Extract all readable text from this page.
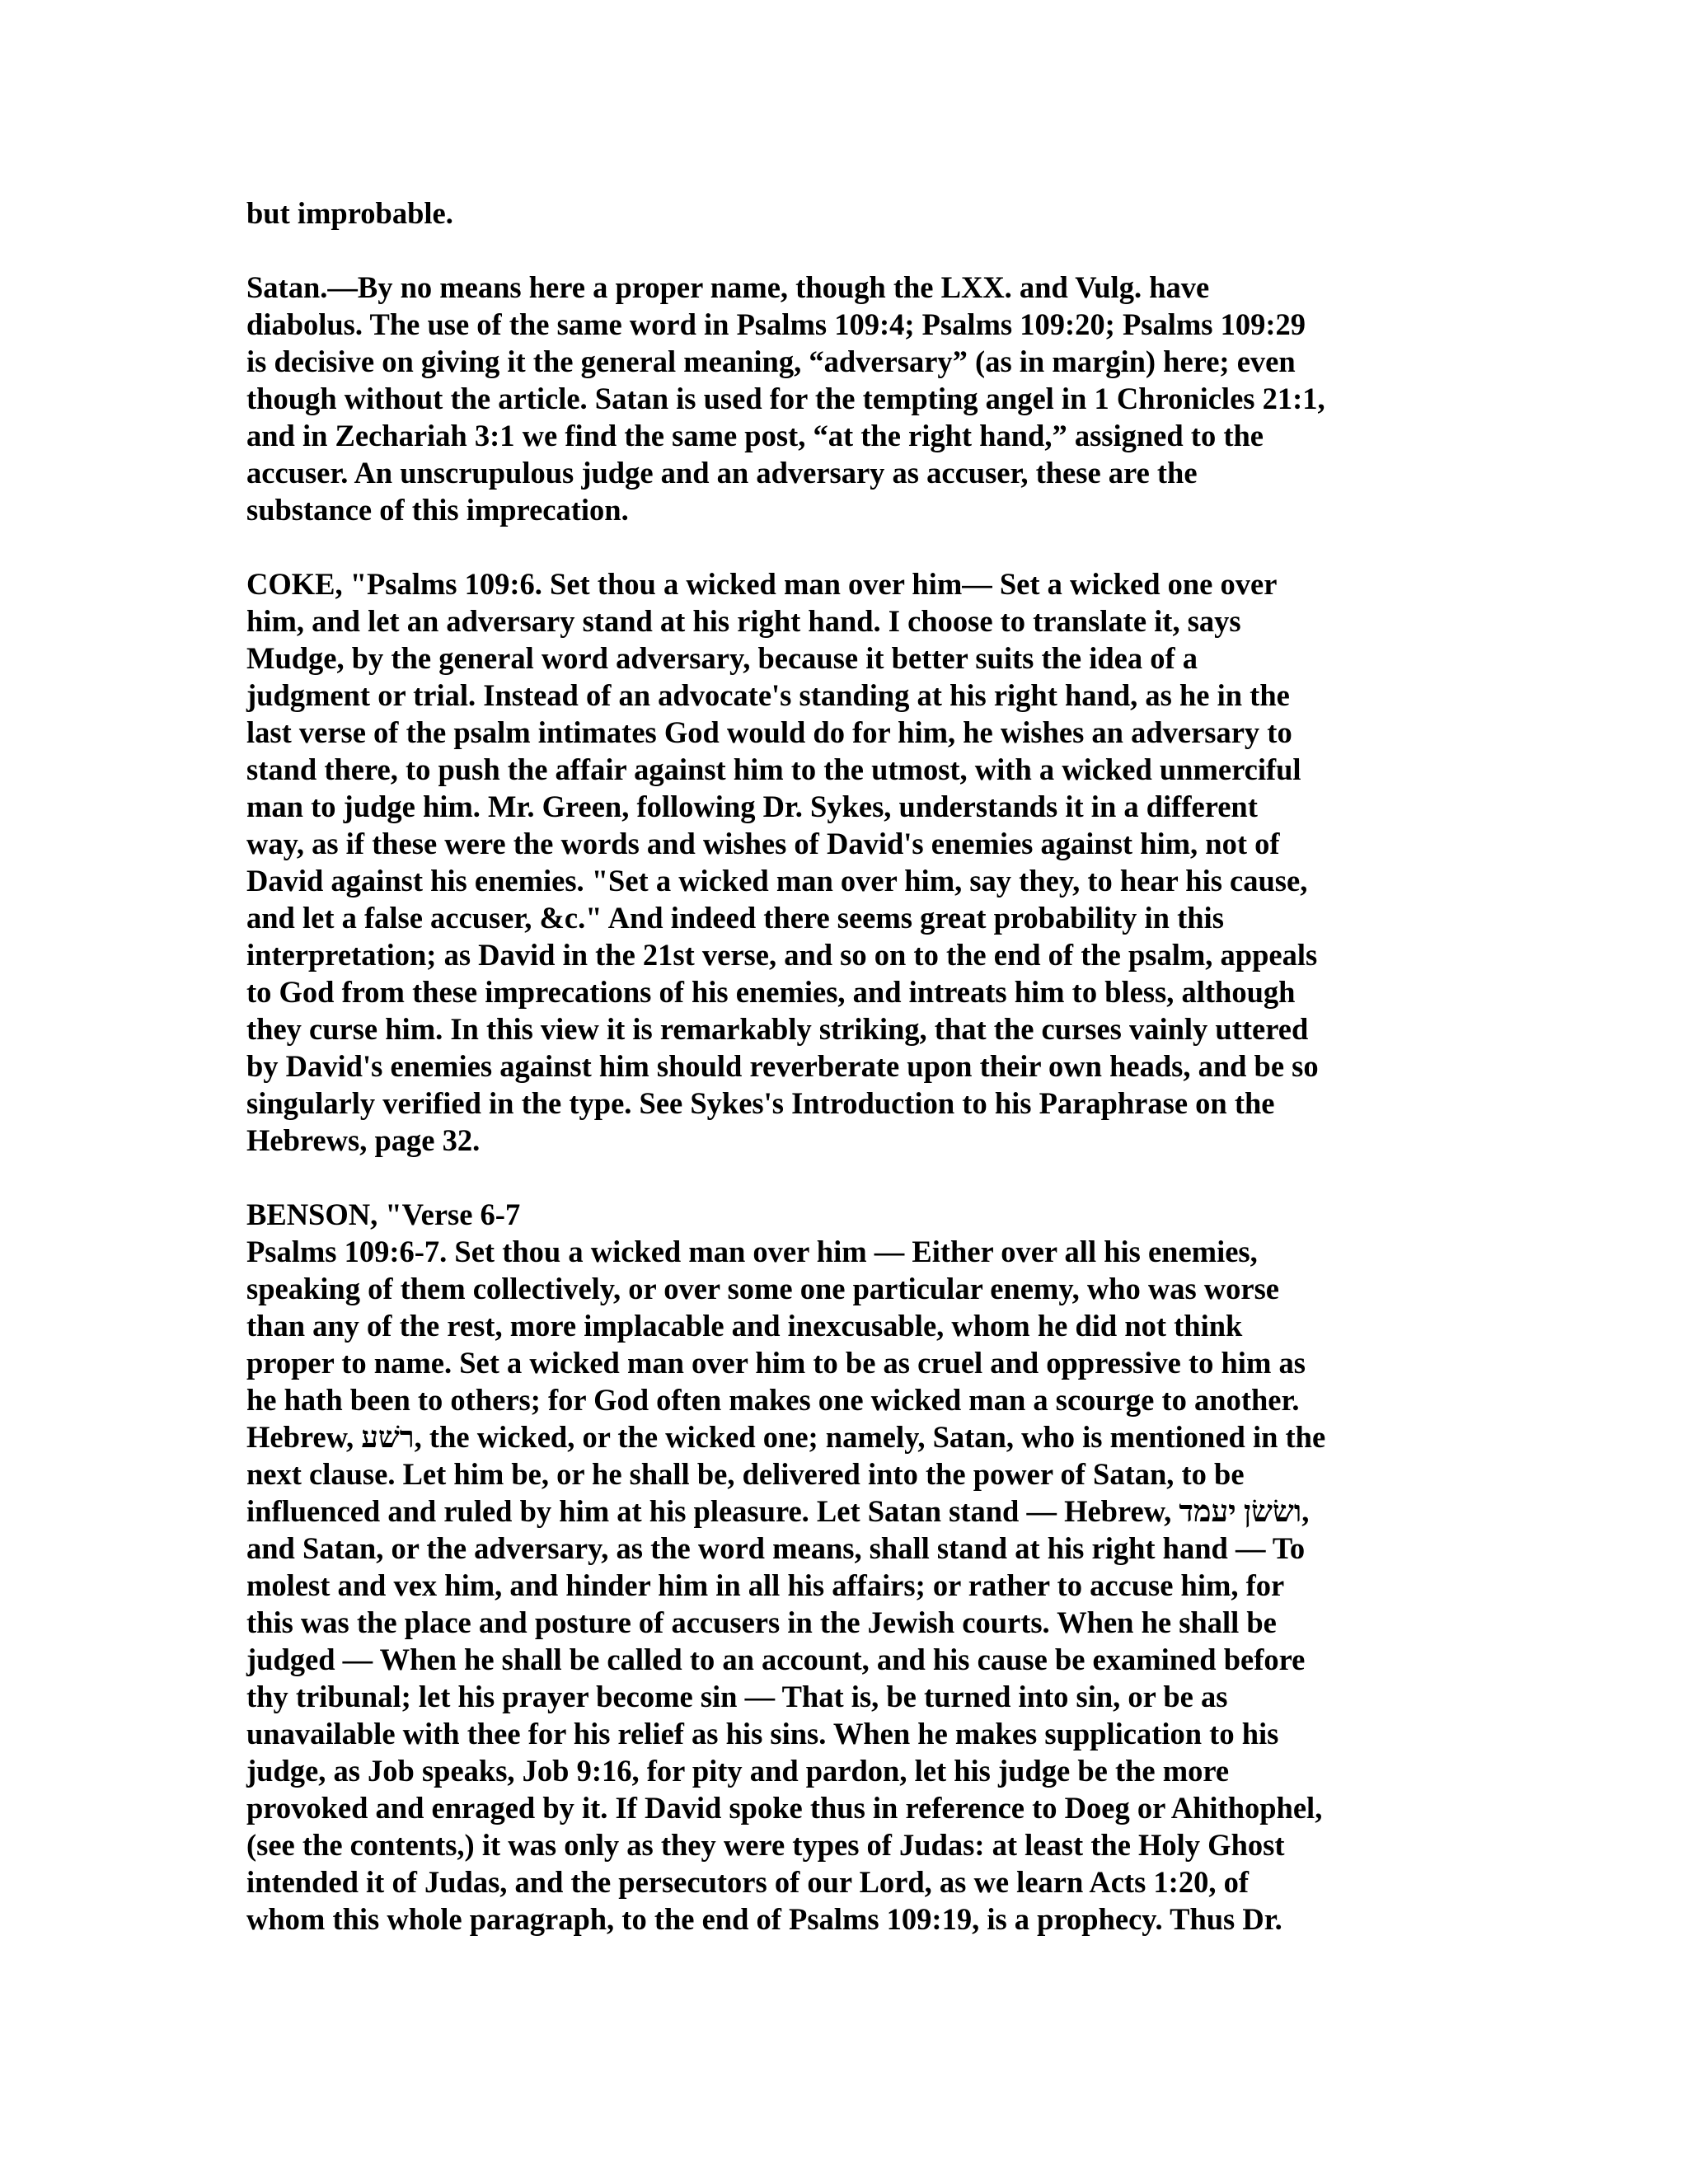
but improbable.
Satan.—By no means here a proper name, though the LXX. and Vulg. have
diabolus. The use of the same word in Psalms 109:4; Psalms 109:20; Psalms 109:29
is decisive on giving it the general meaning, “adversary” (as in margin) here; even
though without the article. Satan is used for the tempting angel in 1 Chronicles 21:1,
and in Zechariah 3:1 we find the same post, “at the right hand,” assigned to the
accuser. An unscrupulous judge and an adversary as accuser, these are the
substance of this imprecation.
COKE, "Psalms 109:6. Set thou a wicked man over him— Set a wicked one over
him, and let an adversary stand at his right hand. I choose to translate it, says
Mudge, by the general word adversary, because it better suits the idea of a
judgment or trial. Instead of an advocate's standing at his right hand, as he in the
last verse of the psalm intimates God would do for him, he wishes an adversary to
stand there, to push the affair against him to the utmost, with a wicked unmerciful
man to judge him. Mr. Green, following Dr. Sykes, understands it in a different
way, as if these were the words and wishes of David's enemies against him, not of
David against his enemies. "Set a wicked man over him, say they, to hear his cause,
and let a false accuser, &c." And indeed there seems great probability in this
interpretation; as David in the 21st verse, and so on to the end of the psalm, appeals
to God from these imprecations of his enemies, and intreats him to bless, although
they curse him. In this view it is remarkably striking, that the curses vainly uttered
by David's enemies against him should reverberate upon their own heads, and be so
singularly verified in the type. See Sykes's Introduction to his Paraphrase on the
Hebrews, page 32.
BENSON, "Verse 6-7
Psalms 109:6-7. Set thou a wicked man over him — Either over all his enemies,
speaking of them collectively, or over some one particular enemy, who was worse
than any of the rest, more implacable and inexcusable, whom he did not think
proper to name. Set a wicked man over him to be as cruel and oppressive to him as
he hath been to others; for God often makes one wicked man a scourge to another.
Hebrew, רשׁע, the wicked, or the wicked one; namely, Satan, who is mentioned in the
next clause. Let him be, or he shall be, delivered into the power of Satan, to be
influenced and ruled by him at his pleasure. Let Satan stand — Hebrew, ושׂשׂן יעמד,
and Satan, or the adversary, as the word means, shall stand at his right hand — To
molest and vex him, and hinder him in all his affairs; or rather to accuse him, for
this was the place and posture of accusers in the Jewish courts. When he shall be
judged — When he shall be called to an account, and his cause be examined before
thy tribunal; let his prayer become sin — That is, be turned into sin, or be as
unavailable with thee for his relief as his sins. When he makes supplication to his
judge, as Job speaks, Job 9:16, for pity and pardon, let his judge be the more
provoked and enraged by it. If David spoke thus in reference to Doeg or Ahithophel,
(see the contents,) it was only as they were types of Judas: at least the Holy Ghost
intended it of Judas, and the persecutors of our Lord, as we learn Acts 1:20, of
whom this whole paragraph, to the end of Psalms 109:19, is a prophecy. Thus Dr.
